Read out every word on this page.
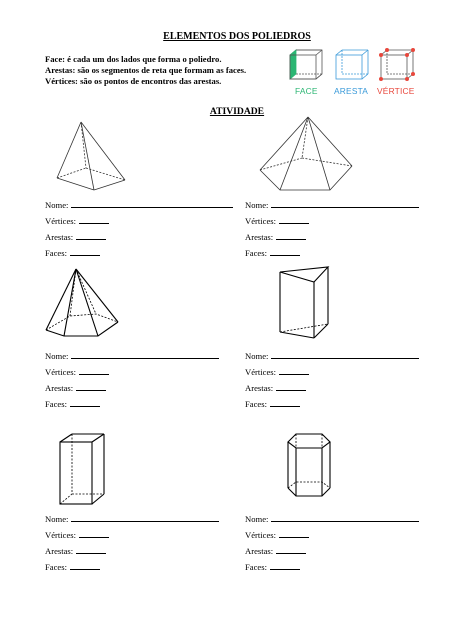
ELEMENTOS DOS POLIEDROS
Face: é cada um dos lados que forma o poliedro.
Arestas: são os segmentos de reta que formam as faces.
Vértices: são os pontos de encontros das arestas.
FACE ARESTA VÉRTICE
ATIVIDADE
Nome:
Vértices:
Arestas:
Faces:
Nome:
Vértices:
Arestas:
Faces:
Nome:
Vértices:
Arestas:
Faces:
Nome:
Vértices:
Arestas:
Faces:
Nome:
Vértices:
Arestas:
Faces:
Nome:
Vértices:
Arestas:
Faces:
